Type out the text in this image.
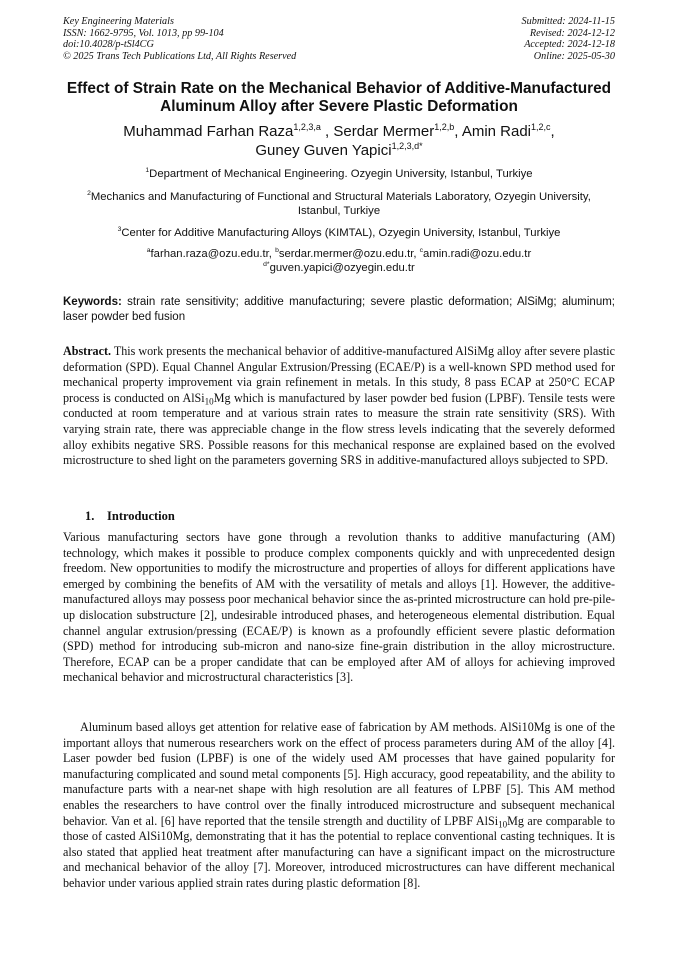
Key Engineering Materials
ISSN: 1662-9795, Vol. 1013, pp 99-104
doi:10.4028/p-tSl4CG
© 2025 Trans Tech Publications Ltd, All Rights Reserved
Submitted: 2024-11-15
Revised: 2024-12-12
Accepted: 2024-12-18
Online: 2025-05-30
Effect of Strain Rate on the Mechanical Behavior of Additive-Manufactured Aluminum Alloy after Severe Plastic Deformation
Muhammad Farhan Raza$^{1,2,3,a}$ , Serdar Mermer$^{1,2,b}$, Amin Radi$^{1,2,c}$,
Guney Guven Yapici$^{1,2,3,d*}$
$^1$Department of Mechanical Engineering. Ozyegin University, Istanbul, Turkiye
$^2$Mechanics and Manufacturing of Functional and Structural Materials Laboratory, Ozyegin University, Istanbul, Turkiye
$^3$Center for Additive Manufacturing Alloys (KIMTAL), Ozyegin University, Istanbul, Turkiye
$^a$farhan.raza@ozu.edu.tr, $^b$serdar.mermer@ozu.edu.tr, $^c$amin.radi@ozu.edu.tr
$^{d*}$guven.yapici@ozyegin.edu.tr
Keywords: strain rate sensitivity; additive manufacturing; severe plastic deformation; AlSiMg; aluminum; laser powder bed fusion

Abstract. This work presents the mechanical behavior of additive-manufactured AlSiMg alloy after severe plastic deformation (SPD). Equal Channel Angular Extrusion/Pressing (ECAE/P) is a well-known SPD method used for mechanical property improvement via grain refinement in metals. In this study, 8 pass ECAP at 250°C ECAP process is conducted on AlSi$_{10}$Mg which is manufactured by laser powder bed fusion (LPBF). Tensile tests were conducted at room temperature and at various strain rates to measure the strain rate sensitivity (SRS). With varying strain rate, there was appreciable change in the flow stress levels indicating that the severely deformed alloy exhibits negative SRS. Possible reasons for this mechanical response are explained based on the evolved microstructure to shed light on the parameters governing SRS in additive-manufactured alloys subjected to SPD.

1. Introduction

Various manufacturing sectors have gone through a revolution thanks to additive manufacturing (AM) technology, which makes it possible to produce complex components quickly and with unprecedented design freedom. New opportunities to modify the microstructure and properties of alloys for different applications have emerged by combining the benefits of AM with the versatility of metals and alloys [1]. However, the additive-manufactured alloys may possess poor mechanical behavior since the as-printed microstructure can hold pre-pile-up dislocation substructure [2], undesirable introduced phases, and heterogeneous elemental distribution. Equal channel angular extrusion/pressing (ECAE/P) is known as a profoundly efficient severe plastic deformation (SPD) method for introducing sub-micron and nano-size fine-grain distribution in the alloy microstructure. Therefore, ECAP can be a proper candidate that can be employed after AM of alloys for achieving improved mechanical behavior and microstructural characteristics [3].

Aluminum based alloys get attention for relative ease of fabrication by AM methods. AlSi10Mg is one of the important alloys that numerous researchers work on the effect of process parameters during AM of the alloy [4]. Laser powder bed fusion (LPBF) is one of the widely used AM processes that have gained popularity for manufacturing complicated and sound metal components [5]. High accuracy, good repeatability, and the ability to manufacture parts with a near-net shape with high resolution are all features of LPBF [5]. This AM method enables the researchers to have control over the finally introduced microstructure and subsequent mechanical behavior. Van et al. [6] have reported that the tensile strength and ductility of LPBF AlSi$_{10}$Mg are comparable to those of casted AlSi10Mg, demonstrating that it has the potential to replace conventional casting techniques. It is also stated that applied heat treatment after manufacturing can have a significant impact on the microstructure and mechanical behavior of the alloy [7]. Moreover, introduced microstructures can have different mechanical behavior under various applied strain rates during plastic deformation [8].
